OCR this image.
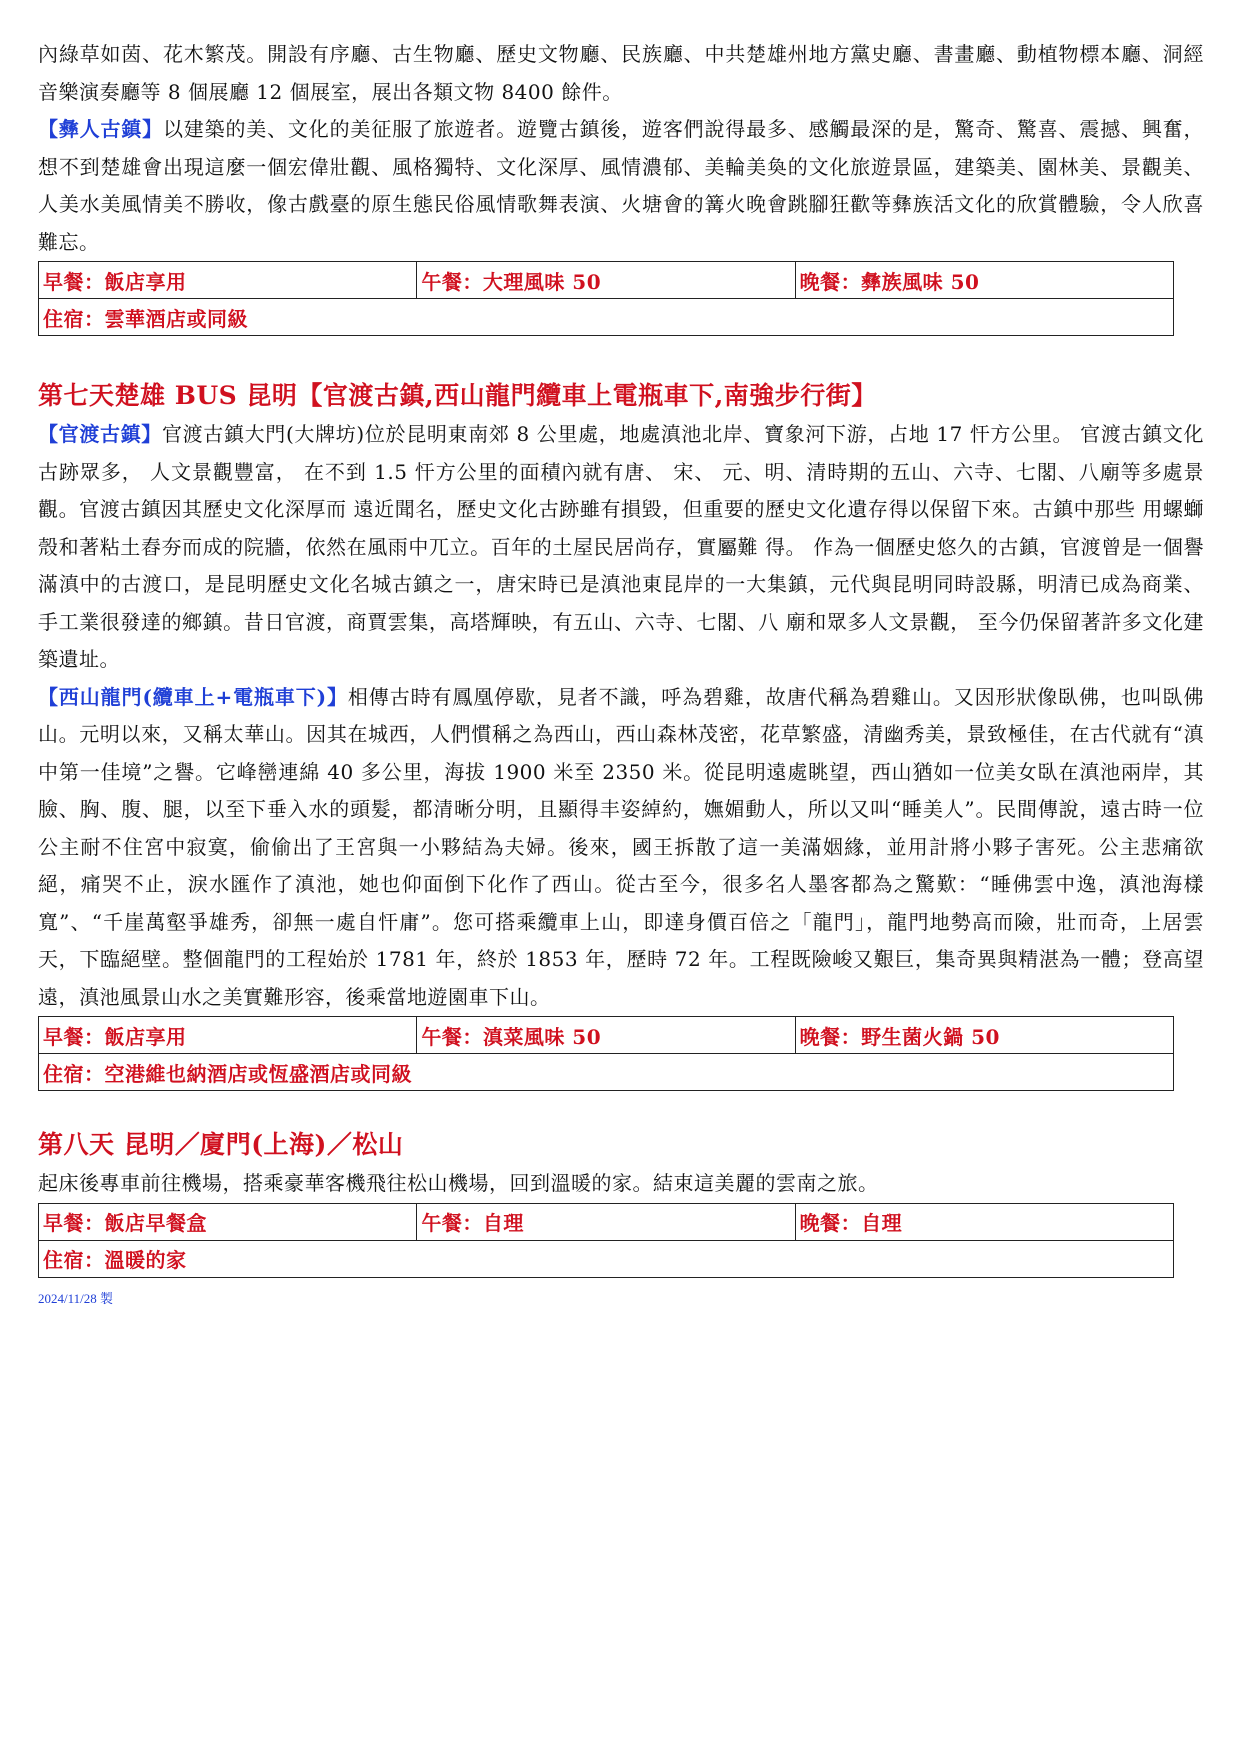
內綠草如茵、花木繁茂。開設有序廳、古生物廳、歷史文物廳、民族廳、中共楚雄州地方黨史廳、書畫廳、動植物標本廳、洞經音樂演奏廳等 8 個展廳 12 個展室，展出各類文物 8400 餘件。

【彝人古鎮】以建築的美、文化的美征服了旅遊者。遊覽古鎮後，遊客們說得最多、感觸最深的是，驚奇、驚喜、震撼、興奮，想不到楚雄會出現這麼一個宏偉壯觀、風格獨特、文化深厚、風情濃郁、美輪美奐的文化旅遊景區，建築美、園林美、景觀美、人美水美風情美不勝收，像古戲臺的原生態民俗風情歌舞表演、火塘會的篝火晚會跳腳狂歡等彝族活文化的欣賞體驗，令人欣喜難忘。

早餐：飯店享用	午餐：大理風味 50	晚餐：彝族風味 50
住宿：雲華酒店或同級

第七天楚雄 BUS 昆明【官渡古鎮,西山龍門纜車上電瓶車下,南強步行街】

【官渡古鎮】官渡古鎮大門(大牌坊)位於昆明東南郊 8 公里處，地處滇池北岸、寶象河下游，占地 17 忓方公里。 官渡古鎮文化古跡眾多， 人文景觀豐富， 在不到 1.5 忓方公里的面積內就有唐、 宋、 元、明、清時期的五山、六寺、七閣、八廟等多處景觀。官渡古鎮因其歷史文化深厚而 遠近聞名，歷史文化古跡雖有損毀，但重要的歷史文化遺存得以保留下來。古鎮中那些 用螺螄殼和著粘土舂夯而成的院牆，依然在風雨中兀立。百年的土屋民居尚存，實屬難 得。 作為一個歷史悠久的古鎮，官渡曾是一個譽滿滇中的古渡口，是昆明歷史文化名城古鎮之一，唐宋時已是滇池東昆岸的一大集鎮，元代與昆明同時設縣，明清已成為商業、手工業很發達的鄉鎮。昔日官渡，商賈雲集，高塔輝映，有五山、六寺、七閣、八 廟和眾多人文景觀， 至今仍保留著許多文化建築遺址。

【西山龍門(纜車上+電瓶車下)】相傳古時有鳳凰停歇，見者不識，呼為碧雞，故唐代稱為碧雞山。又因形狀像臥佛，也叫臥佛山。元明以來，又稱太華山。因其在城西，人們慣稱之為西山，西山森林茂密，花草繁盛，清幽秀美，景致極佳，在古代就有“滇中第一佳境”之譽。它峰巒連綿 40 多公里，海拔 1900 米至 2350 米。從昆明遠處眺望，西山猶如一位美女臥在滇池兩岸，其臉、胸、腹、腿，以至下垂入水的頭髮，都清晰分明，且顯得丰姿綽約，嫵媚動人，所以又叫“睡美人”。民間傳說，遠古時一位公主耐不住宮中寂寞，偷偷出了王宮與一小夥結為夫婦。後來，國王拆散了這一美滿姻緣，並用計將小夥子害死。公主悲痛欲絕，痛哭不止，淚水匯作了滇池，她也仰面倒下化作了西山。從古至今，很多名人墨客都為之驚歎：“睡佛雲中逸，滇池海樣寬”、“千崖萬壑爭雄秀，卻無一處自忓庸”。您可搭乘纜車上山，即達身價百倍之「龍門」，龍門地勢高而險，壯而奇，上居雲天，下臨絕壁。整個龍門的工程始於 1781 年，終於 1853 年，歷時 72 年。工程既險峻又艱巨，集奇異與精湛為一體；登高望遠，滇池風景山水之美實難形容，後乘當地遊園車下山。

早餐：飯店享用	午餐：滇菜風味 50	晚餐：野生菌火鍋 50
住宿：空港維也納酒店或恆盛酒店或同級

第八天 昆明／廈門(上海)／松山

起床後專車前往機場，搭乘豪華客機飛往松山機場，回到溫暖的家。結束這美麗的雲南之旅。

早餐：飯店早餐盒	午餐：自理	晚餐：自理
住宿：溫暖的家
2024/11/28 製
